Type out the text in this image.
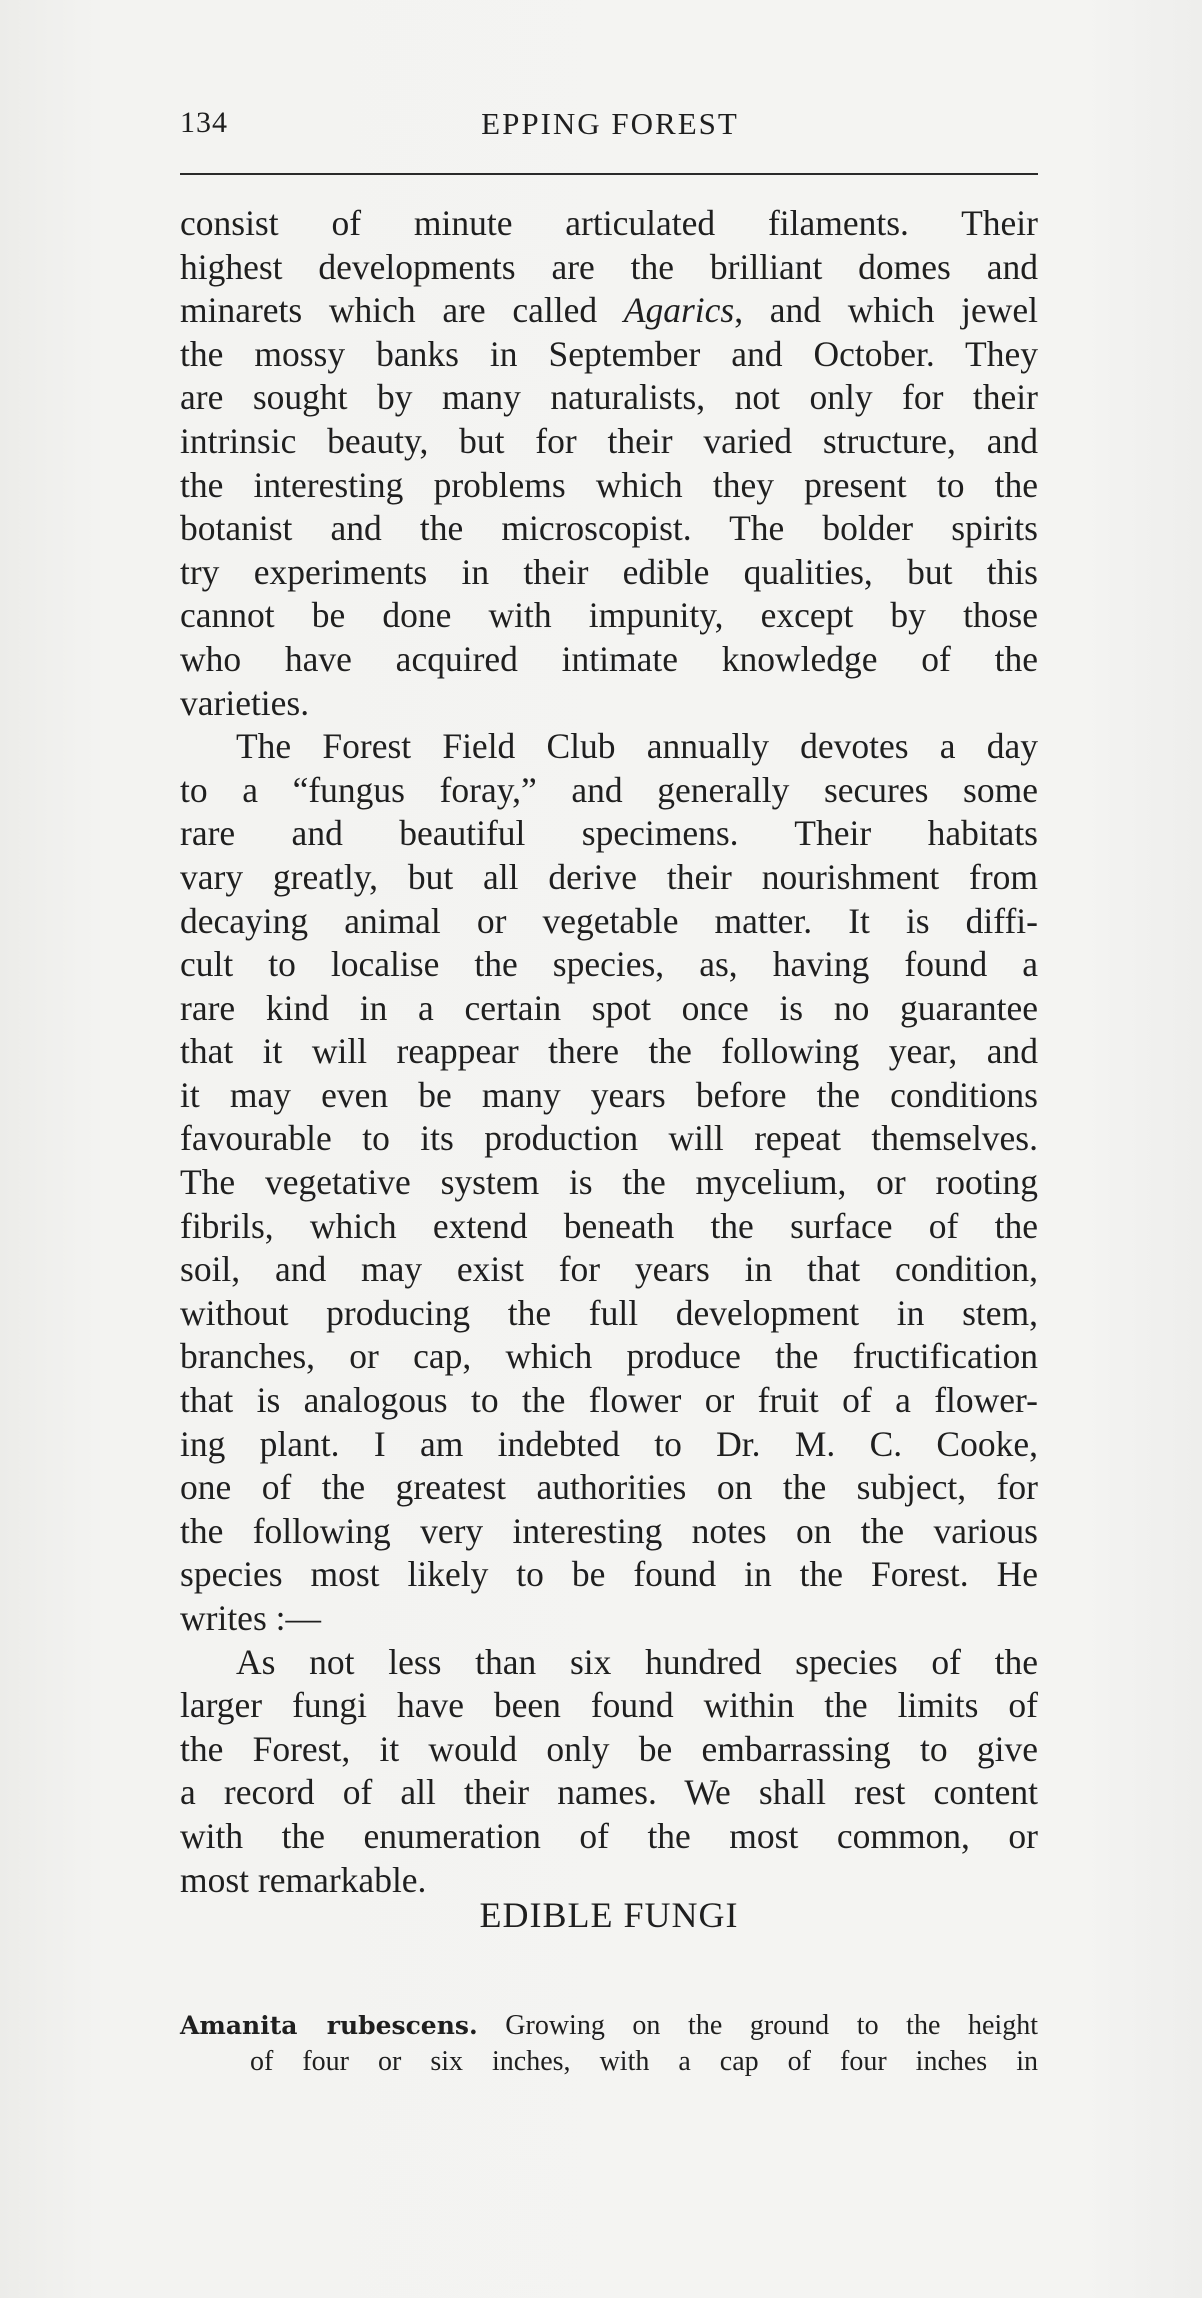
134	EPPING FOREST
consist of minute articulated filaments. Their
highest developments are the brilliant domes and
minarets which are called Agarics, and which jewel
the mossy banks in September and October. They
are sought by many naturalists, not only for their
intrinsic beauty, but for their varied structure, and
the interesting problems which they present to the
botanist and the microscopist. The bolder spirits
try experiments in their edible qualities, but this
cannot be done with impunity, except by those
who have acquired intimate knowledge of the
varieties.
The Forest Field Club annually devotes a day
to a “fungus foray,” and generally secures some
rare and beautiful specimens. Their habitats
vary greatly, but all derive their nourishment from
decaying animal or vegetable matter. It is diffi-
cult to localise the species, as, having found a
rare kind in a certain spot once is no guarantee
that it will reappear there the following year, and
it may even be many years before the conditions
favourable to its production will repeat themselves.
The vegetative system is the mycelium, or rooting
fibrils, which extend beneath the surface of the
soil, and may exist for years in that condition,
without producing the full development in stem,
branches, or cap, which produce the fructification
that is analogous to the flower or fruit of a flower-
ing plant. I am indebted to Dr. M. C. Cooke,
one of the greatest authorities on the subject, for
the following very interesting notes on the various
species most likely to be found in the Forest. He
writes :—
As not less than six hundred species of the
larger fungi have been found within the limits of
the Forest, it would only be embarrassing to give
a record of all their names. We shall rest content
with the enumeration of the most common, or
most remarkable.
EDIBLE FUNGI
Amanita rubescens. Growing on the ground to the height
of four or six inches, with a cap of four inches in
